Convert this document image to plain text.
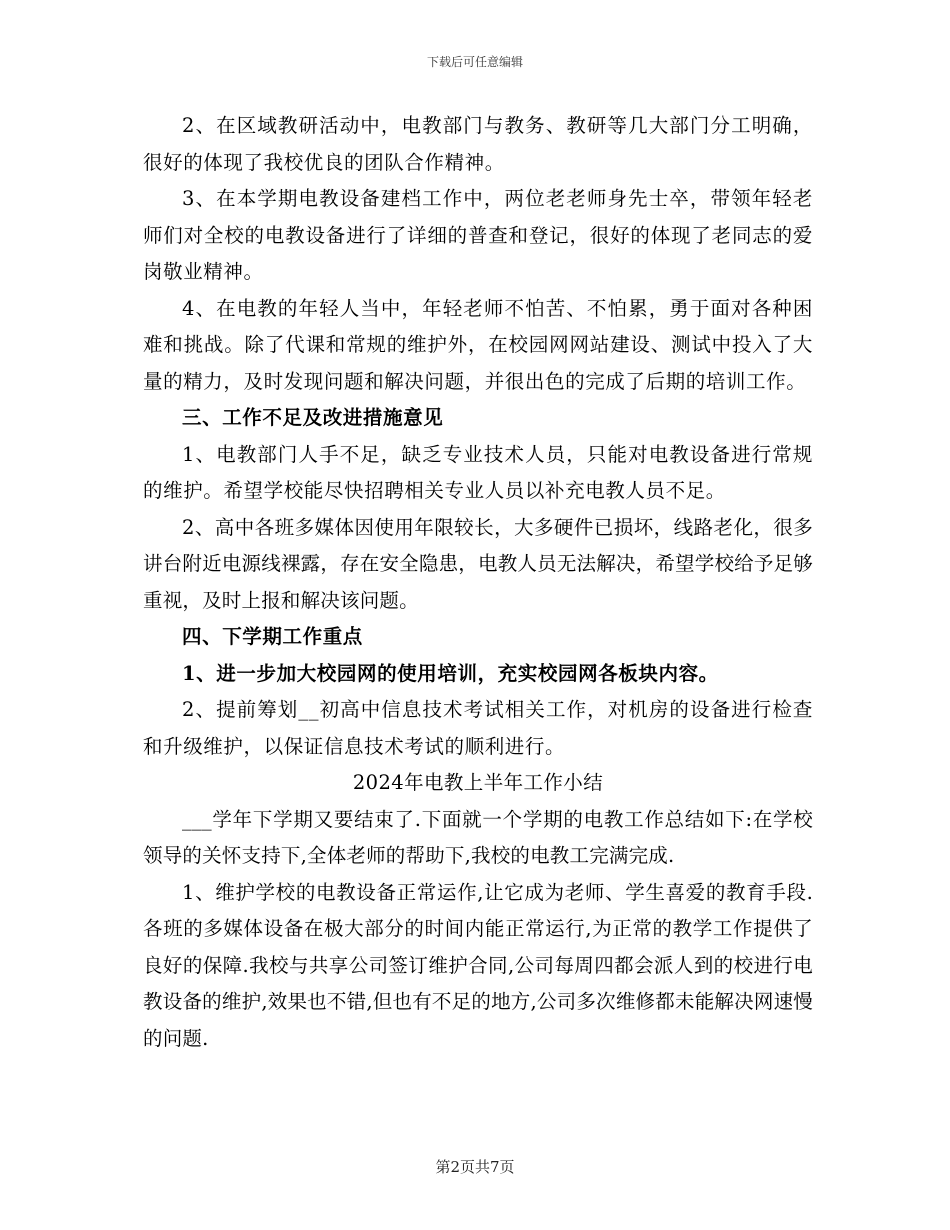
下载后可任意编辑

2、在区域教研活动中，电教部门与教务、教研等几大部门分工明确，很好的体现了我校优良的团队合作精神。

3、在本学期电教设备建档工作中，两位老老师身先士卒，带领年轻老师们对全校的电教设备进行了详细的普查和登记，很好的体现了老同志的爱岗敬业精神。

4、在电教的年轻人当中，年轻老师不怕苦、不怕累，勇于面对各种困难和挑战。除了代课和常规的维护外，在校园网网站建设、测试中投入了大量的精力，及时发现问题和解决问题，并很出色的完成了后期的培训工作。

三、工作不足及改进措施意见

1、电教部门人手不足，缺乏专业技术人员，只能对电教设备进行常规的维护。希望学校能尽快招聘相关专业人员以补充电教人员不足。

2、高中各班多媒体因使用年限较长，大多硬件已损坏，线路老化，很多讲台附近电源线裸露，存在安全隐患，电教人员无法解决，希望学校给予足够重视，及时上报和解决该问题。

四、下学期工作重点

1、进一步加大校园网的使用培训，充实校园网各板块内容。

2、提前筹划__初高中信息技术考试相关工作，对机房的设备进行检查和升级维护，以保证信息技术考试的顺利进行。

2024年电教上半年工作小结

___学年下学期又要结束了.下面就一个学期的电教工作总结如下:在学校领导的关怀支持下,全体老师的帮助下,我校的电教工完满完成.

1、维护学校的电教设备正常运作,让它成为老师、学生喜爱的教育手段.各班的多媒体设备在极大部分的时间内能正常运行,为正常的教学工作提供了良好的保障.我校与共享公司签订维护合同,公司每周四都会派人到的校进行电教设备的维护,效果也不错,但也有不足的地方,公司多次维修都未能解决网速慢的问题.

第2页共7页
